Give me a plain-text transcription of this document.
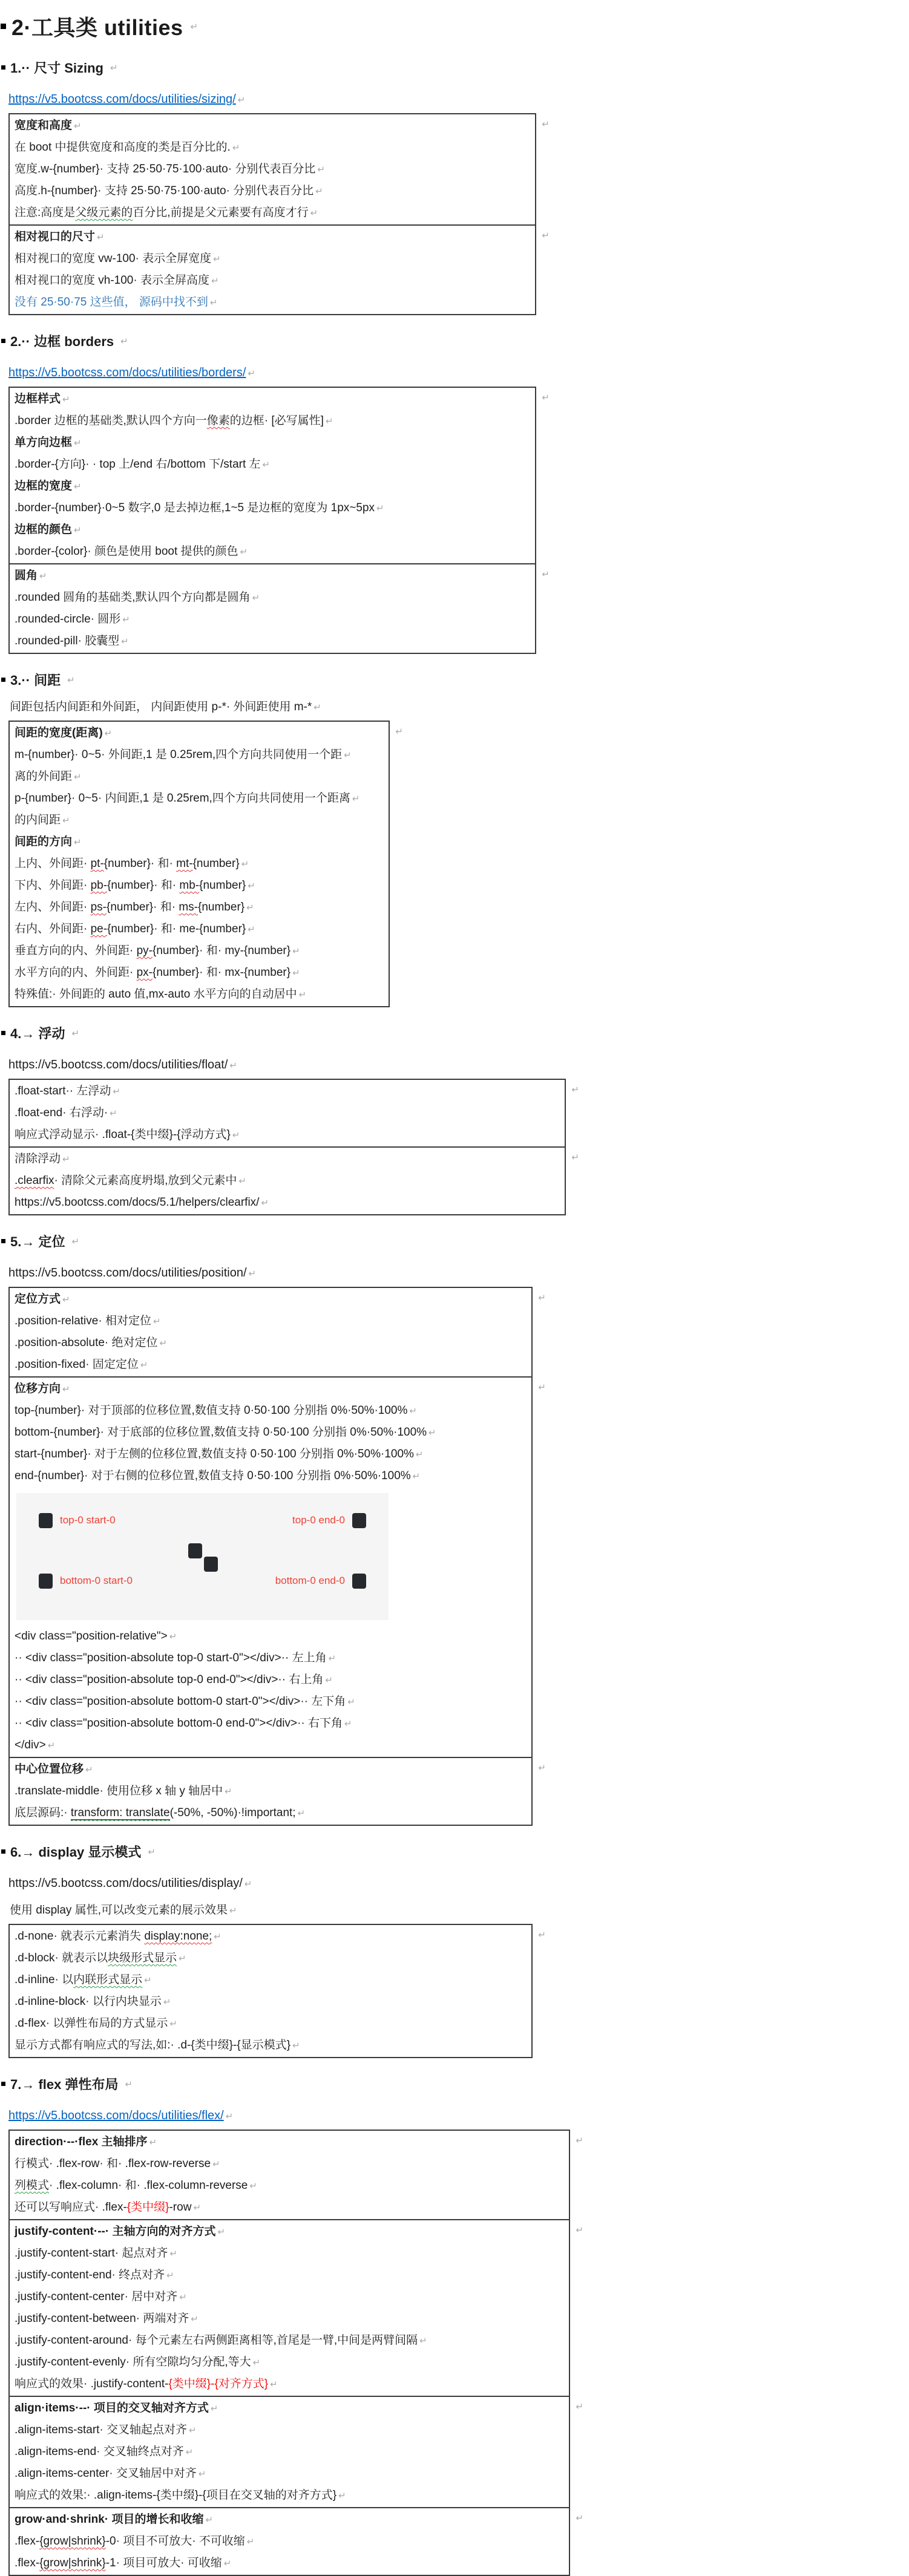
2·工具类 utilities ↵
1.·· 尺寸 Sizing ↵
https://v5.bootcss.com/docs/utilities/sizing/ ↵
↵
宽度和高度 ↵
在 boot 中提供宽度和高度的类是百分比的. ↵
宽度.w-{number}· 支持 25·50·75·100·auto· 分别代表百分比 ↵
高度.h-{number}· 支持 25·50·75·100·auto· 分别代表百分比 ↵
注意:高度是父级元素的百分比,前提是父元素要有高度才行 ↵
↵
相对视口的尺寸 ↵
相对视口的宽度 vw-100· 表示全屏宽度 ↵
相对视口的宽度 vh-100· 表示全屏高度 ↵
没有 25·50·75 这些值， 源码中找不到 ↵
2.·· 边框 borders ↵
https://v5.bootcss.com/docs/utilities/borders/ ↵
↵
边框样式 ↵
.border 边框的基础类,默认四个方向一像素的边框· [必写属性] ↵
单方向边框 ↵
.border-{方向}· · top 上/end 右/bottom 下/start 左 ↵
边框的宽度 ↵
.border-{number}·0~5 数字,0 是去掉边框,1~5 是边框的宽度为 1px~5px ↵
边框的颜色 ↵
.border-{color}· 颜色是使用 boot 提供的颜色 ↵
↵
圆角 ↵
.rounded 圆角的基础类,默认四个方向都是圆角 ↵
.rounded-circle· 圆形 ↵
.rounded-pill· 胶囊型 ↵
3.·· 间距 ↵
间距包括内间距和外间距， 内间距使用 p-*· 外间距使用 m-* ↵
↵
间距的宽度(距离) ↵
m-{number}· 0~5· 外间距,1 是 0.25rem,四个方向共同使用一个距 ↵
离的外间距 ↵
p-{number}· 0~5· 内间距,1 是 0.25rem,四个方向共同使用一个距离 ↵
的内间距 ↵
间距的方向 ↵
上内、外间距· pt-{number}· 和· mt-{number} ↵
下内、外间距· pb-{number}· 和· mb-{number} ↵
左内、外间距· ps-{number}· 和· ms-{number} ↵
右内、外间距· pe-{number}· 和· me-{number} ↵
垂直方向的内、外间距· py-{number}· 和· my-{number} ↵
水平方向的内、外间距· px-{number}· 和· mx-{number} ↵
特殊值:· 外间距的 auto 值,mx-auto 水平方向的自动居中 ↵
4.→ 浮动 ↵
https://v5.bootcss.com/docs/utilities/float/ ↵
↵
.float-start·· 左浮动 ↵
.float-end· 右浮动· ↵
响应式浮动显示· .float-{类中缀}-{浮动方式} ↵
↵
清除浮动 ↵
.clearfix· 清除父元素高度坍塌,放到父元素中 ↵
https://v5.bootcss.com/docs/5.1/helpers/clearfix/ ↵
5.→ 定位 ↵
https://v5.bootcss.com/docs/utilities/position/ ↵
↵
定位方式 ↵
.position-relative· 相对定位 ↵
.position-absolute· 绝对定位 ↵
.position-fixed· 固定定位 ↵
↵
位移方向 ↵
top-{number}· 对于顶部的位移位置,数值支持 0·50·100 分别指 0%·50%·100% ↵
bottom-{number}· 对于底部的位移位置,数值支持 0·50·100 分别指 0%·50%·100% ↵
start-{number}· 对于左侧的位移位置,数值支持 0·50·100 分别指 0%·50%·100% ↵
end-{number}· 对于右侧的位移位置,数值支持 0·50·100 分别指 0%·50%·100% ↵
top-0 start-0	top-0 end-0
bottom-0 start-0	bottom-0 end-0
<div class="position-relative"> ↵
·· <div class="position-absolute top-0 start-0"></div>·· 左上角 ↵
·· <div class="position-absolute top-0 end-0"></div>·· 右上角 ↵
·· <div class="position-absolute bottom-0 start-0"></div>·· 左下角 ↵
·· <div class="position-absolute bottom-0 end-0"></div>·· 右下角 ↵
</div> ↵
↵
中心位置位移 ↵
.translate-middle· 使用位移 x 轴 y 轴居中 ↵
底层源码:· transform: translate(-50%, -50%)·!important; ↵
6.→ display 显示模式 ↵
https://v5.bootcss.com/docs/utilities/display/ ↵
使用 display 属性,可以改变元素的展示效果 ↵
↵
.d-none· 就表示元素消失 display:none; ↵
.d-block· 就表示以块级形式显示 ↵
.d-inline· 以内联形式显示 ↵
.d-inline-block· 以行内块显示 ↵
.d-flex· 以弹性布局的方式显示 ↵
显示方式都有响应式的写法,如:· .d-{类中缀}-{显示模式} ↵
7.→ flex 弹性布局 ↵
https://v5.bootcss.com/docs/utilities/flex/ ↵
↵
direction·--·flex 主轴排序 ↵
行模式· .flex-row· 和· .flex-row-reverse ↵
列模式· .flex-column· 和· .flex-column-reverse ↵
还可以写响应式· .flex-{类中缀}-row ↵
↵
justify-content·--· 主轴方向的对齐方式 ↵
.justify-content-start· 起点对齐 ↵
.justify-content-end· 终点对齐 ↵
.justify-content-center· 居中对齐 ↵
.justify-content-between· 两端对齐 ↵
.justify-content-around· 每个元素左右两侧距离相等,首尾是一臂,中间是两臂间隔 ↵
.justify-content-evenly· 所有空隙均匀分配,等大 ↵
响应式的效果· .justify-content-{类中缀}-{对齐方式} ↵
↵
align·items·--· 项目的交叉轴对齐方式 ↵
.align-items-start· 交叉轴起点对齐 ↵
.align-items-end· 交叉轴终点对齐 ↵
.align-items-center· 交叉轴居中对齐 ↵
响应式的效果:· .align-items-{类中缀}-{项目在交叉轴的对齐方式} ↵
↵
grow·and·shrink· 项目的增长和收缩 ↵
.flex-{grow|shrink}-0· 项目不可放大· 不可收缩 ↵
.flex-{grow|shrink}-1· 项目可放大· 可收缩 ↵
